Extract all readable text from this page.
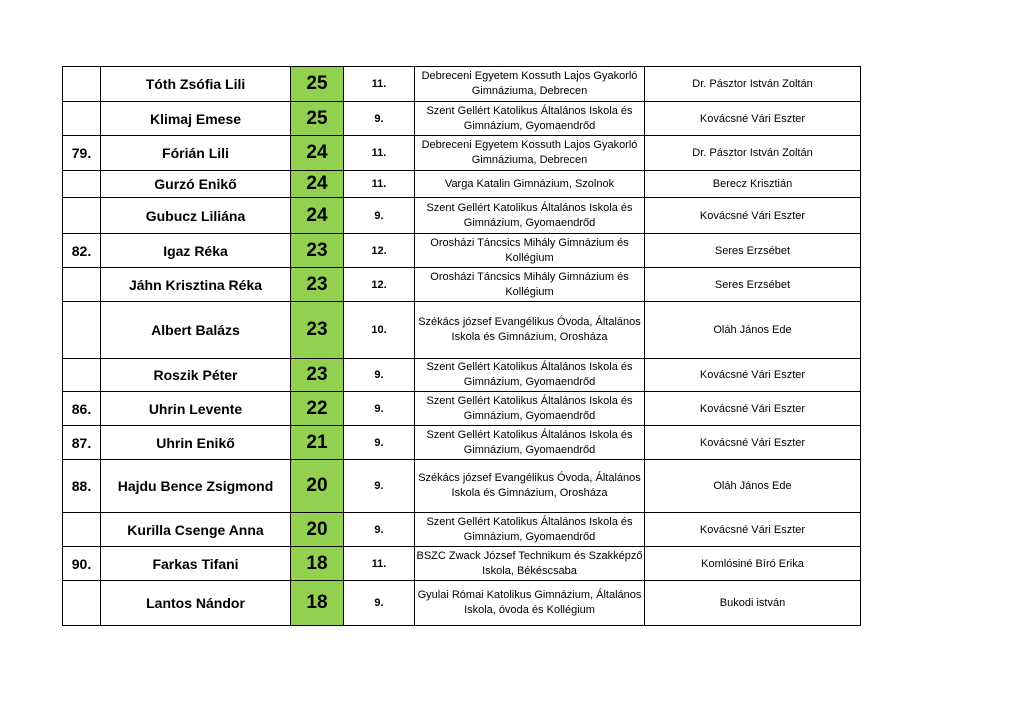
	Tóth Zsófia Lili	25	11.	Debreceni Egyetem Kossuth Lajos Gyakorló Gimnáziuma, Debrecen	Dr. Pásztor István Zoltán
	Klimaj Emese	25	9.	Szent Gellért Katolikus Általános Iskola és Gimnázium, Gyomaendrőd	Kovácsné Vári Eszter
79.	Fórián Lili	24	11.	Debreceni Egyetem Kossuth Lajos Gyakorló Gimnáziuma, Debrecen	Dr. Pásztor István Zoltán
	Gurzó Enikő	24	11.	Varga Katalin Gimnázium, Szolnok	Berecz Krisztián
	Gubucz Liliána	24	9.	Szent Gellért Katolikus Általános Iskola és Gimnázium, Gyomaendrőd	Kovácsné Vári Eszter
82.	Igaz Réka	23	12.	Orosházi Táncsics Mihály Gimnázium és Kollégium	Seres Erzsébet
	Jáhn Krisztina Réka	23	12.	Orosházi Táncsics Mihály Gimnázium és Kollégium	Seres Erzsébet
	Albert Balázs	23	10.	Székács józsef Evangélikus Óvoda, Általános Iskola és Gimnázium, Orosháza	Oláh János Ede
	Roszik Péter	23	9.	Szent Gellért Katolikus Általános Iskola és Gimnázium, Gyomaendrőd	Kovácsné Vári Eszter
86.	Uhrin Levente	22	9.	Szent Gellért Katolikus Általános Iskola és Gimnázium, Gyomaendrőd	Kovácsné Vári Eszter
87.	Uhrin Enikő	21	9.	Szent Gellért Katolikus Általános Iskola és Gimnázium, Gyomaendrőd	Kovácsné Vári Eszter
88.	Hajdu Bence Zsigmond	20	9.	Székács józsef Evangélikus Óvoda, Általános Iskola és Gimnázium, Orosháza	Oláh János Ede
	Kurilla Csenge Anna	20	9.	Szent Gellért Katolikus Általános Iskola és Gimnázium, Gyomaendrőd	Kovácsné Vári Eszter
90.	Farkas Tifani	18	11.	BSZC Zwack József Technikum és Szakképző Iskola, Békéscsaba	Komlósiné Bíró Erika
	Lantos Nándor	18	9.	Gyulai Római Katolikus Gimnázium, Általános Iskola, óvoda és Kollégium	Bukodi istván
